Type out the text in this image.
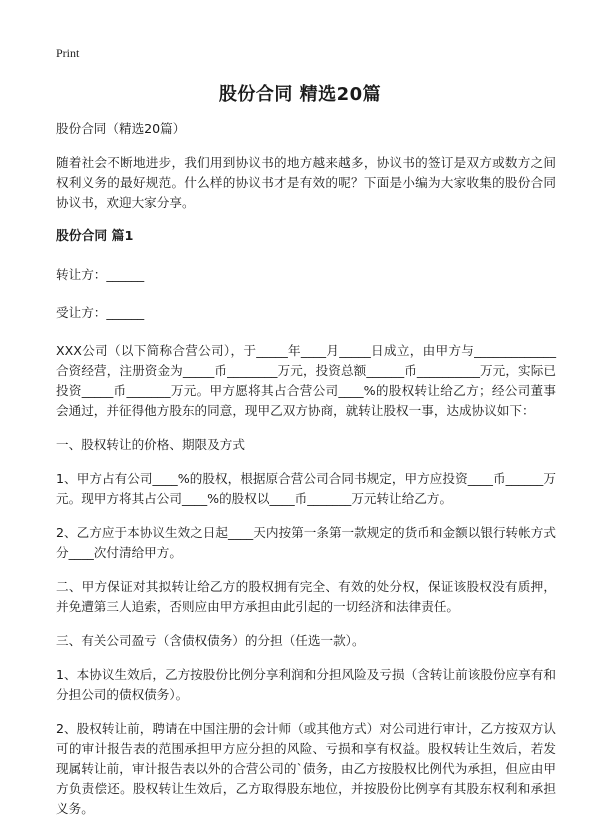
Print
股份合同 精选20篇
股份合同（精选20篇）
随着社会不断地进步，我们用到协议书的地方越来越多，协议书的签订是双方或数方之间权利义务的最好规范。什么样的协议书才是有效的呢？下面是小编为大家收集的股份合同协议书，欢迎大家分享。
股份合同 篇1
转让方：______
受让方：______
XXX公司（以下简称合营公司），于_____年____月_____日成立，由甲方与_____________合资经营，注册资金为_____币________万元，投资总额______币__________万元，实际已投资_____币_______万元。甲方愿将其占合营公司____%的股权转让给乙方；经公司董事会通过，并征得他方股东的同意，现甲乙双方协商，就转让股权一事，达成协议如下：
一、股权转让的价格、期限及方式
1、甲方占有公司____%的股权，根据原合营公司合同书规定，甲方应投资____币______万元。现甲方将其占公司____%的股权以____币_______万元转让给乙方。
2、乙方应于本协议生效之日起____天内按第一条第一款规定的货币和金额以银行转帐方式分____次付清给甲方。
二、甲方保证对其拟转让给乙方的股权拥有完全、有效的处分权，保证该股权没有质押，并免遭第三人追索，否则应由甲方承担由此引起的一切经济和法律责任。
三、有关公司盈亏（含债权债务）的分担（任选一款）。
1、本协议生效后，乙方按股份比例分享利润和分担风险及亏损（含转让前该股份应享有和分担公司的债权债务）。
2、股权转让前，聘请在中国注册的会计师（或其他方式）对公司进行审计，乙方按双方认可的审计报告表的范围承担甲方应分担的风险、亏损和享有权益。股权转让生效后，若发现属转让前，审计报告表以外的合营公司的`债务，由乙方按股权比例代为承担，但应由甲方负责偿还。股权转让生效后，乙方取得股东地位，并按股份比例享有其股东权利和承担义务。
